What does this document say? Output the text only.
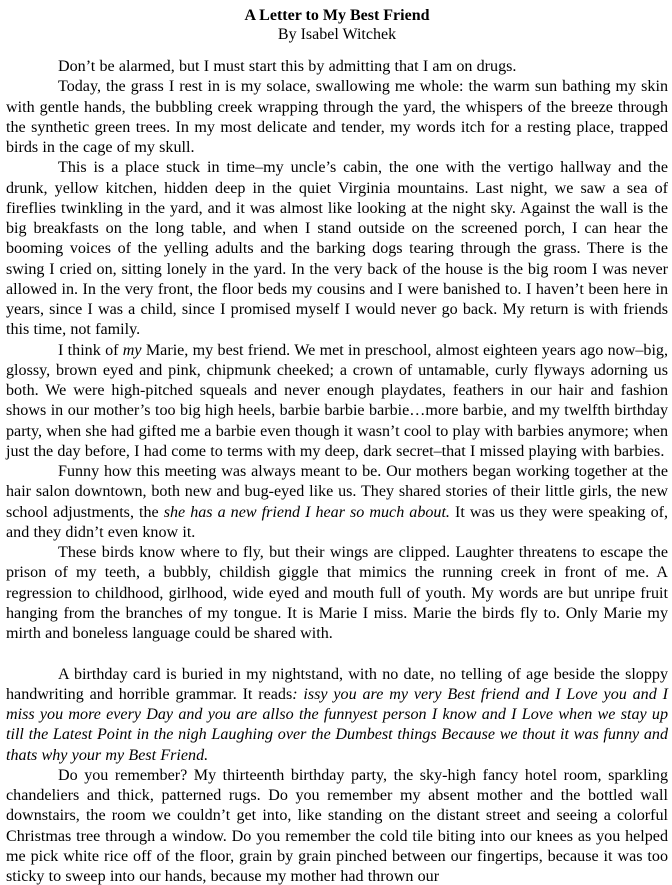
A Letter to My Best Friend
By Isabel Witchek

Don’t be alarmed, but I must start this by admitting that I am on drugs.

Today, the grass I rest in is my solace, swallowing me whole: the warm sun bathing my skin with gentle hands, the bubbling creek wrapping through the yard, the whispers of the breeze through the synthetic green trees. In my most delicate and tender, my words itch for a resting place, trapped birds in the cage of my skull.

This is a place stuck in time–my uncle’s cabin, the one with the vertigo hallway and the drunk, yellow kitchen, hidden deep in the quiet Virginia mountains. Last night, we saw a sea of fireflies twinkling in the yard, and it was almost like looking at the night sky. Against the wall is the big breakfasts on the long table, and when I stand outside on the screened porch, I can hear the booming voices of the yelling adults and the barking dogs tearing through the grass. There is the swing I cried on, sitting lonely in the yard. In the very back of the house is the big room I was never allowed in. In the very front, the floor beds my cousins and I were banished to. I haven’t been here in years, since I was a child, since I promised myself I would never go back. My return is with friends this time, not family.

I think of my Marie, my best friend. We met in preschool, almost eighteen years ago now–big, glossy, brown eyed and pink, chipmunk cheeked; a crown of untamable, curly flyways adorning us both. We were high-pitched squeals and never enough playdates, feathers in our hair and fashion shows in our mother’s too big high heels, barbie barbie barbie…more barbie, and my twelfth birthday party, when she had gifted me a barbie even though it wasn’t cool to play with barbies anymore; when just the day before, I had come to terms with my deep, dark secret–that I missed playing with barbies.

Funny how this meeting was always meant to be. Our mothers began working together at the hair salon downtown, both new and bug-eyed like us. They shared stories of their little girls, the new school adjustments, the she has a new friend I hear so much about. It was us they were speaking of, and they didn’t even know it.

These birds know where to fly, but their wings are clipped. Laughter threatens to escape the prison of my teeth, a bubbly, childish giggle that mimics the running creek in front of me. A regression to childhood, girlhood, wide eyed and mouth full of youth. My words are but unripe fruit hanging from the branches of my tongue. It is Marie I miss. Marie the birds fly to. Only Marie my mirth and boneless language could be shared with.

A birthday card is buried in my nightstand, with no date, no telling of age beside the sloppy handwriting and horrible grammar. It reads: issy you are my very Best friend and I Love you and I miss you more every Day and you are allso the funnyest person I know and I Love when we stay up till the Latest Point in the nigh Laughing over the Dumbest things Because we thout it was funny and thats why your my Best Friend.

Do you remember? My thirteenth birthday party, the sky-high fancy hotel room, sparkling chandeliers and thick, patterned rugs. Do you remember my absent mother and the bottled wall downstairs, the room we couldn’t get into, like standing on the distant street and seeing a colorful Christmas tree through a window. Do you remember the cold tile biting into our knees as you helped me pick white rice off of the floor, grain by grain pinched between our fingertips, because it was too sticky to sweep into our hands, because my mother had thrown our
